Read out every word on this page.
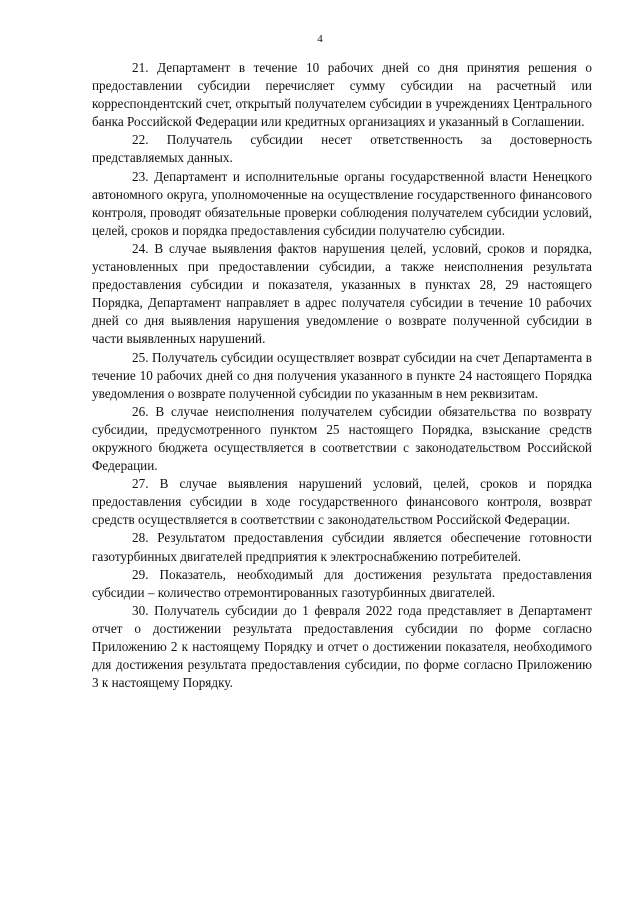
4

21. Департамент в течение 10 рабочих дней со дня принятия решения о предоставлении субсидии перечисляет сумму субсидии на расчетный или корреспондентский счет, открытый получателем субсидии в учреждениях Центрального банка Российской Федерации или кредитных организациях и указанный в Соглашении.

22. Получатель субсидии несет ответственность за достоверность представляемых данных.

23. Департамент и исполнительные органы государственной власти Ненецкого автономного округа, уполномоченные на осуществление государственного финансового контроля, проводят обязательные проверки соблюдения получателем субсидии условий, целей, сроков и порядка предоставления субсидии получателю субсидии.

24. В случае выявления фактов нарушения целей, условий, сроков и порядка, установленных при предоставлении субсидии, а также неисполнения результата предоставления субсидии и показателя, указанных в пунктах 28, 29 настоящего Порядка, Департамент направляет в адрес получателя субсидии в течение 10 рабочих дней со дня выявления нарушения уведомление о возврате полученной субсидии в части выявленных нарушений.

25. Получатель субсидии осуществляет возврат субсидии на счет Департамента в течение 10 рабочих дней со дня получения указанного в пункте 24 настоящего Порядка уведомления о возврате полученной субсидии по указанным в нем реквизитам.

26. В случае неисполнения получателем субсидии обязательства по возврату субсидии, предусмотренного пунктом 25 настоящего Порядка, взыскание средств окружного бюджета осуществляется в соответствии с законодательством Российской Федерации.

27. В случае выявления нарушений условий, целей, сроков и порядка предоставления субсидии в ходе государственного финансового контроля, возврат средств осуществляется в соответствии с законодательством Российской Федерации.

28. Результатом предоставления субсидии является обеспечение готовности газотурбинных двигателей предприятия к электроснабжению потребителей.

29. Показатель, необходимый для достижения результата предоставления субсидии – количество отремонтированных газотурбинных двигателей.

30. Получатель субсидии до 1 февраля 2022 года представляет в Департамент отчет о достижении результата предоставления субсидии по форме согласно Приложению 2 к настоящему Порядку и отчет о достижении показателя, необходимого для достижения результата предоставления субсидии, по форме согласно Приложению 3 к настоящему Порядку.
